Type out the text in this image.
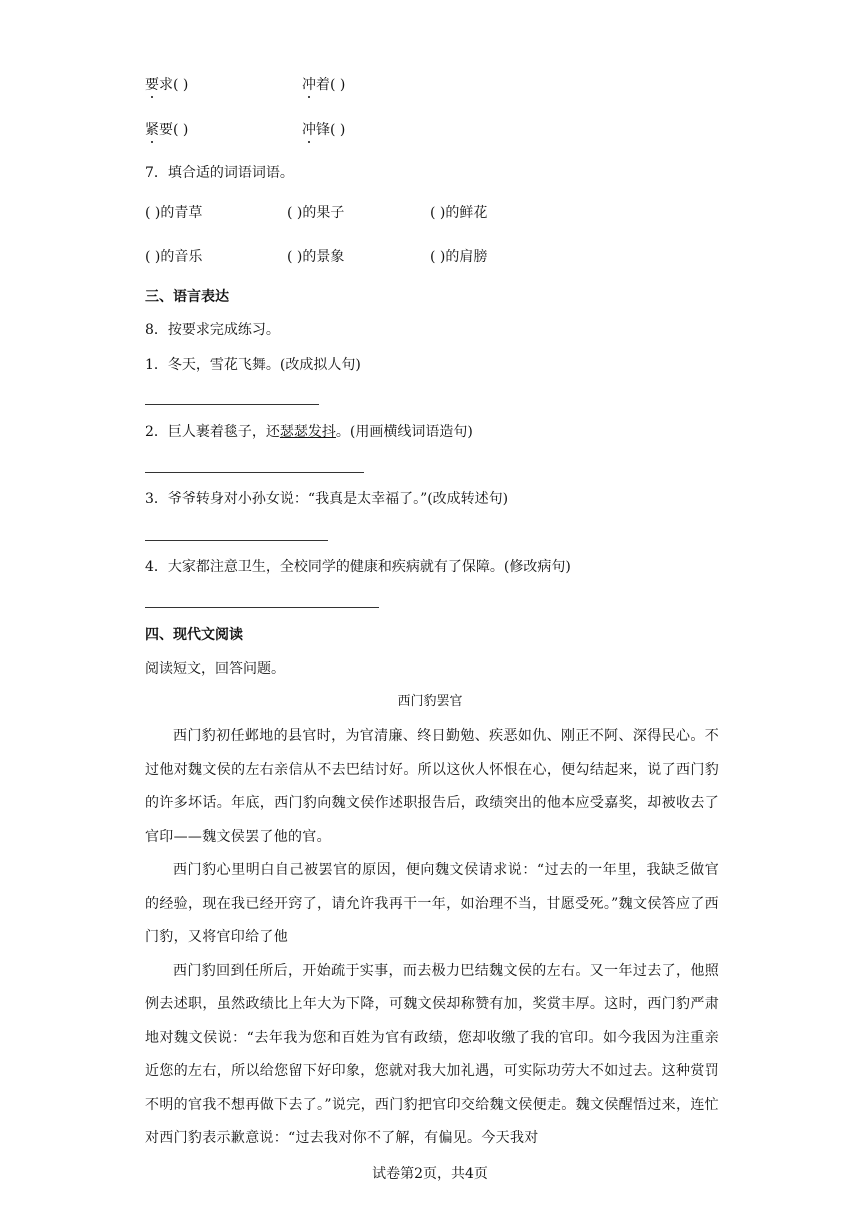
要求( )	冲着( )
紧要( )	冲锋( )
7．填合适的词语词语。
( )的青草	( )的果子	( )的鲜花
( )的音乐	( )的景象	( )的肩膀
三、语言表达
8．按要求完成练习。
1．冬天，雪花飞舞。(改成拟人句)
2．巨人裹着毯子，还瑟瑟发抖。(用画横线词语造句)
3．爷爷转身对小孙女说：“我真是太幸福了。”(改成转述句)
4．大家都注意卫生，全校同学的健康和疾病就有了保障。(修改病句)
四、现代文阅读
阅读短文，回答问题。
西门豹罢官

西门豹初任邺地的县官时，为官清廉、终日勤勉、疾恶如仇、刚正不阿、深得民心。不过他对魏文侯的左右亲信从不去巴结讨好。所以这伙人怀恨在心，便勾结起来，说了西门豹的许多坏话。年底，西门豹向魏文侯作述职报告后，政绩突出的他本应受嘉奖，却被收去了官印——魏文侯罢了他的官。

西门豹心里明白自己被罢官的原因，便向魏文侯请求说：“过去的一年里，我缺乏做官的经验，现在我已经开窍了，请允许我再干一年，如治理不当，甘愿受死。”魏文侯答应了西门豹，又将官印给了他

西门豹回到任所后，开始疏于实事，而去极力巴结魏文侯的左右。又一年过去了，他照例去述职，虽然政绩比上年大为下降，可魏文侯却称赞有加，奖赏丰厚。这时，西门豹严肃地对魏文侯说：“去年我为您和百姓为官有政绩，您却收缴了我的官印。如今我因为注重亲近您的左右，所以给您留下好印象，您就对我大加礼遇，可实际功劳大不如过去。这种赏罚不明的官我不想再做下去了。”说完，西门豹把官印交给魏文侯便走。魏文侯醒悟过来，连忙对西门豹表示歉意说：“过去我对你不了解，有偏见。今天我对

试卷第2页，共4页
